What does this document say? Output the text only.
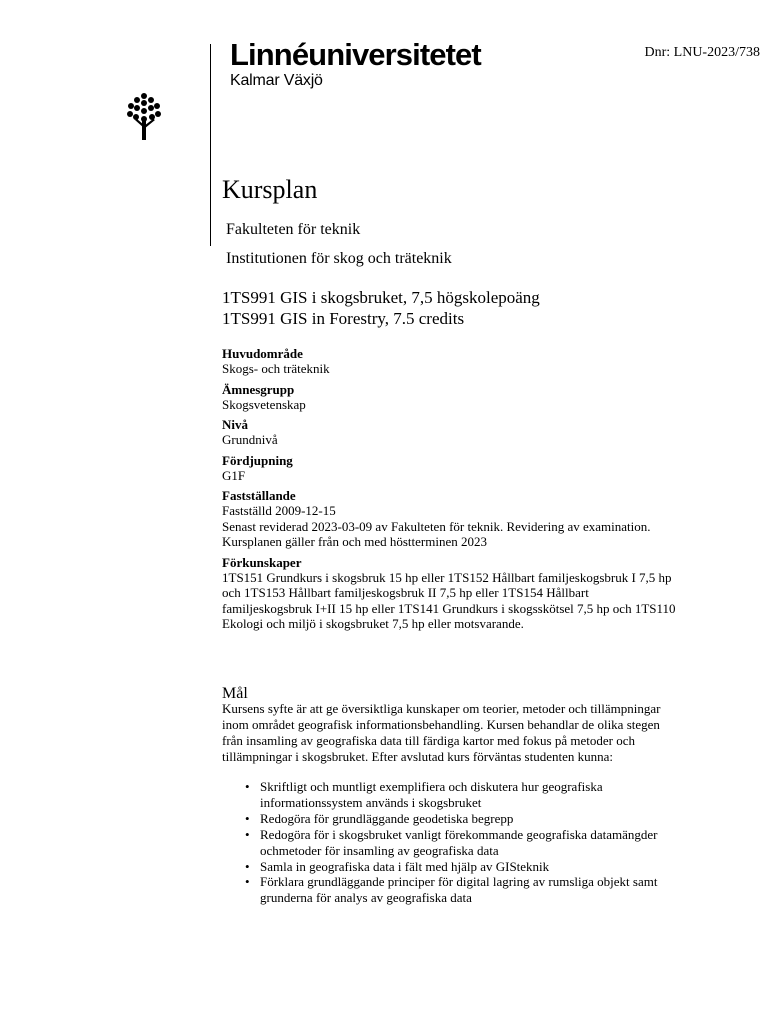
Linnéuniversitetet
Kalmar Växjö

Dnr: LNU-2023/738

Kursplan

Fakulteten för teknik

Institutionen för skog och träteknik

1TS991 GIS i skogsbruket, 7,5 högskolepoäng
1TS991 GIS in Forestry, 7.5 credits
Huvudområde
Skogs- och träteknik
Ämnesgrupp
Skogsvetenskap
Nivå
Grundnivå
Fördjupning
G1F
Fastställande
Fastställd 2009-12-15
Senast reviderad 2023-03-09 av Fakulteten för teknik. Revidering av examination.
Kursplanen gäller från och med höstterminen 2023
Förkunskaper
1TS151 Grundkurs i skogsbruk 15 hp eller 1TS152 Hållbart familjeskogsbruk I 7,5 hp
och 1TS153 Hållbart familjeskogsbruk II 7,5 hp eller 1TS154 Hållbart
familjeskogsbruk I+II 15 hp eller 1TS141 Grundkurs i skogsskötsel 7,5 hp och 1TS110
Ekologi och miljö i skogsbruket 7,5 hp eller motsvarande.
Mål
Kursens syfte är att ge översiktliga kunskaper om teorier, metoder och tillämpningar
inom området geografisk informationsbehandling. Kursen behandlar de olika stegen
från insamling av geografiska data till färdiga kartor med fokus på metoder och
tillämpningar i skogsbruket. Efter avslutad kurs förväntas studenten kunna:
• Skriftligt och muntligt exemplifiera och diskutera hur geografiska
informationssystem används i skogsbruket
• Redogöra för grundläggande geodetiska begrepp
• Redogöra för i skogsbruket vanligt förekommande geografiska datamängder
ochmetoder för insamling av geografiska data
• Samla in geografiska data i fält med hjälp av GISteknik
• Förklara grundläggande principer för digital lagring av rumsliga objekt samt
grunderna för analys av geografiska data
